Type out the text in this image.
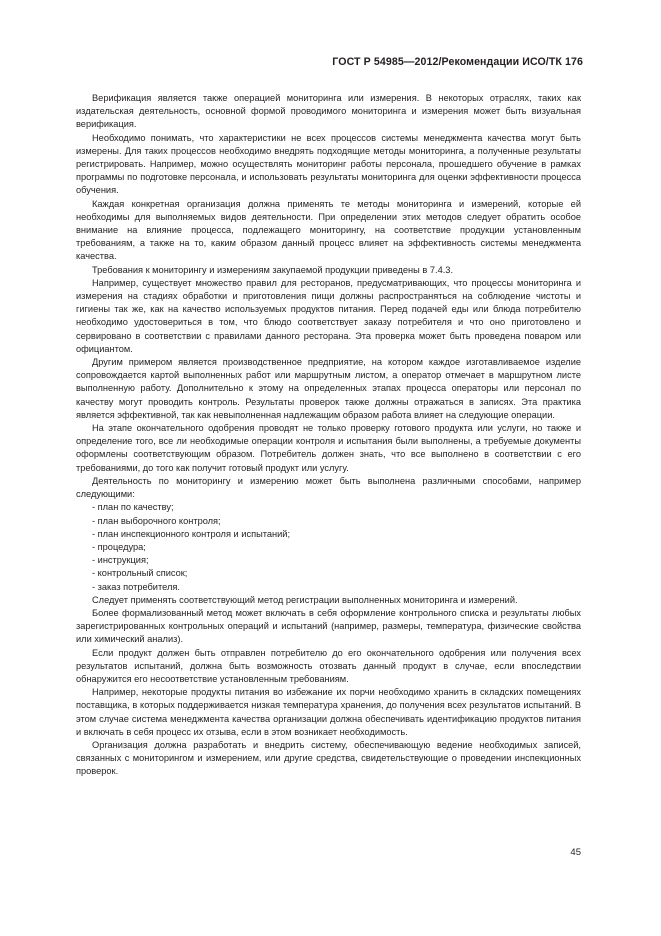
ГОСТ Р 54985—2012/Рекомендации ИСО/ТК 176

Верификация является также операцией мониторинга или измерения. В некоторых отраслях, таких как издательская деятельность, основной формой проводимого мониторинга и измерения может быть визуальная верификация.

Необходимо понимать, что характеристики не всех процессов системы менеджмента качества могут быть измерены. Для таких процессов необходимо внедрять подходящие методы мониторинга, а полученные результаты регистрировать. Например, можно осуществлять мониторинг работы персонала, прошедшего обучение в рамках программы по подготовке персонала, и использовать результаты мониторинга для оценки эффективности процесса обучения.

Каждая конкретная организация должна применять те методы мониторинга и измерений, которые ей необходимы для выполняемых видов деятельности. При определении этих методов следует обратить особое внимание на влияние процесса, подлежащего мониторингу, на соответствие продукции установленным требованиям, а также на то, каким образом данный процесс влияет на эффективность системы менеджмента качества.

Требования к мониторингу и измерениям закупаемой продукции приведены в 7.4.3.

Например, существует множество правил для ресторанов, предусматривающих, что процессы мониторинга и измерения на стадиях обработки и приготовления пищи должны распространяться на соблюдение чистоты и гигиены так же, как на качество используемых продуктов питания. Перед подачей еды или блюда потребителю необходимо удостовериться в том, что блюдо соответствует заказу потребителя и что оно приготовлено и сервировано в соответствии с правилами данного ресторана. Эта проверка может быть проведена поваром или официантом.

Другим примером является производственное предприятие, на котором каждое изготавливаемое изделие сопровождается картой выполненных работ или маршрутным листом, а оператор отмечает в маршрутном листе выполненную работу. Дополнительно к этому на определенных этапах процесса операторы или персонал по качеству могут проводить контроль. Результаты проверок также должны отражаться в записях. Эта практика является эффективной, так как невыполненная надлежащим образом работа влияет на следующие операции.

На этапе окончательного одобрения проводят не только проверку готового продукта или услуги, но также и определение того, все ли необходимые операции контроля и испытания были выполнены, а требуемые документы оформлены соответствующим образом. Потребитель должен знать, что все выполнено в соответствии с его требованиями, до того как получит готовый продукт или услугу.

Деятельность по мониторингу и измерению может быть выполнена различными способами, например следующими:

- план по качеству;

- план выборочного контроля;

- план инспекционного контроля и испытаний;

- процедура;

- инструкция;

- контрольный список;

- заказ потребителя.

Следует применять соответствующий метод регистрации выполненных мониторинга и измерений.

Более формализованный метод может включать в себя оформление контрольного списка и результаты любых зарегистрированных контрольных операций и испытаний (например, размеры, температура, физические свойства или химический анализ).

Если продукт должен быть отправлен потребителю до его окончательного одобрения или получения всех результатов испытаний, должна быть возможность отозвать данный продукт в случае, если впоследствии обнаружится его несоответствие установленным требованиям.

Например, некоторые продукты питания во избежание их порчи необходимо хранить в складских помещениях поставщика, в которых поддерживается низкая температура хранения, до получения всех результатов испытаний. В этом случае система менеджмента качества организации должна обеспечивать идентификацию продуктов питания и включать в себя процесс их отзыва, если в этом возникает необходимость.

Организация должна разработать и внедрить систему, обеспечивающую ведение необходимых записей, связанных с мониторингом и измерением, или другие средства, свидетельствующие о проведении инспекционных проверок.

45
